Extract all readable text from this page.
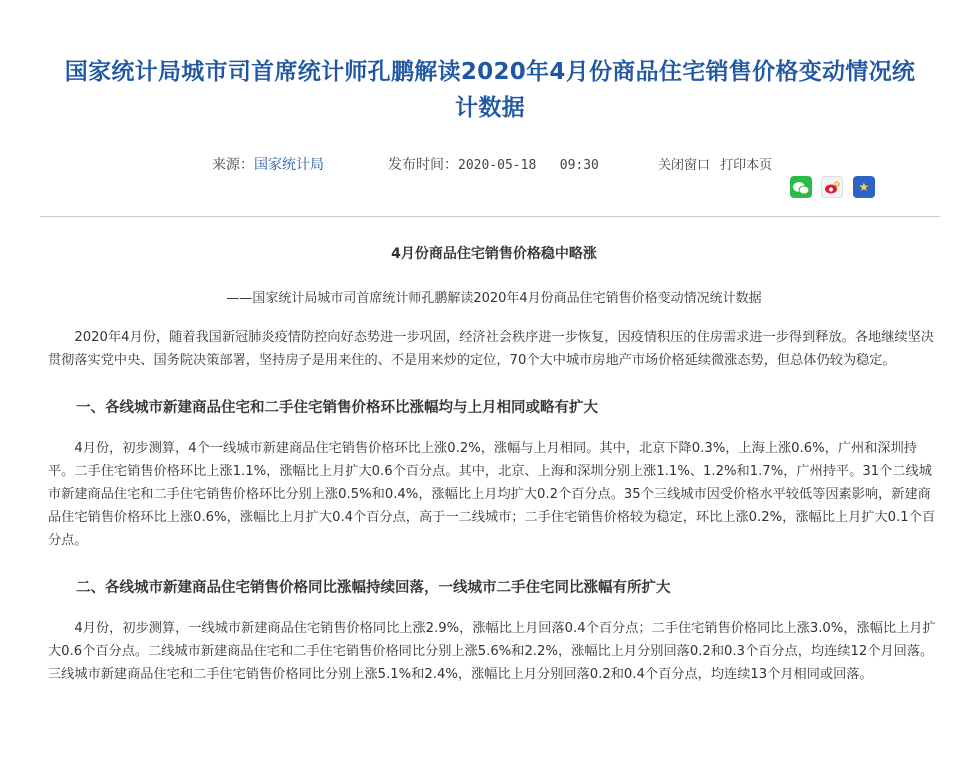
国家统计局城市司首席统计师孔鹏解读2020年4月份商品住宅销售价格变动情况统计数据
来源：国家统计局	发布时间：2020-05-18   09:30	关闭窗口 打印本页
★
4月份商品住宅销售价格稳中略涨
——国家统计局城市司首席统计师孔鹏解读2020年4月份商品住宅销售价格变动情况统计数据

2020年4月份，随着我国新冠肺炎疫情防控向好态势进一步巩固，经济社会秩序进一步恢复，因疫情积压的住房需求进一步得到释放。各地继续坚决贯彻落实党中央、国务院决策部署，坚持房子是用来住的、不是用来炒的定位，70个大中城市房地产市场价格延续微涨态势，但总体仍较为稳定。

一、各线城市新建商品住宅和二手住宅销售价格环比涨幅均与上月相同或略有扩大

4月份，初步测算，4个一线城市新建商品住宅销售价格环比上涨0.2%，涨幅与上月相同。其中，北京下降0.3%，上海上涨0.6%，广州和深圳持平。二手住宅销售价格环比上涨1.1%，涨幅比上月扩大0.6个百分点。其中，北京、上海和深圳分别上涨1.1%、1.2%和1.7%，广州持平。31个二线城市新建商品住宅和二手住宅销售价格环比分别上涨0.5%和0.4%，涨幅比上月均扩大0.2个百分点。35个三线城市因受价格水平较低等因素影响，新建商品住宅销售价格环比上涨0.6%，涨幅比上月扩大0.4个百分点，高于一二线城市；二手住宅销售价格较为稳定，环比上涨0.2%，涨幅比上月扩大0.1个百分点。

二、各线城市新建商品住宅销售价格同比涨幅持续回落，一线城市二手住宅同比涨幅有所扩大

4月份，初步测算，一线城市新建商品住宅销售价格同比上涨2.9%，涨幅比上月回落0.4个百分点；二手住宅销售价格同比上涨3.0%，涨幅比上月扩大0.6个百分点。二线城市新建商品住宅和二手住宅销售价格同比分别上涨5.6%和2.2%，涨幅比上月分别回落0.2和0.3个百分点，均连续12个月回落。三线城市新建商品住宅和二手住宅销售价格同比分别上涨5.1%和2.4%，涨幅比上月分别回落0.2和0.4个百分点，均连续13个月相同或回落。
